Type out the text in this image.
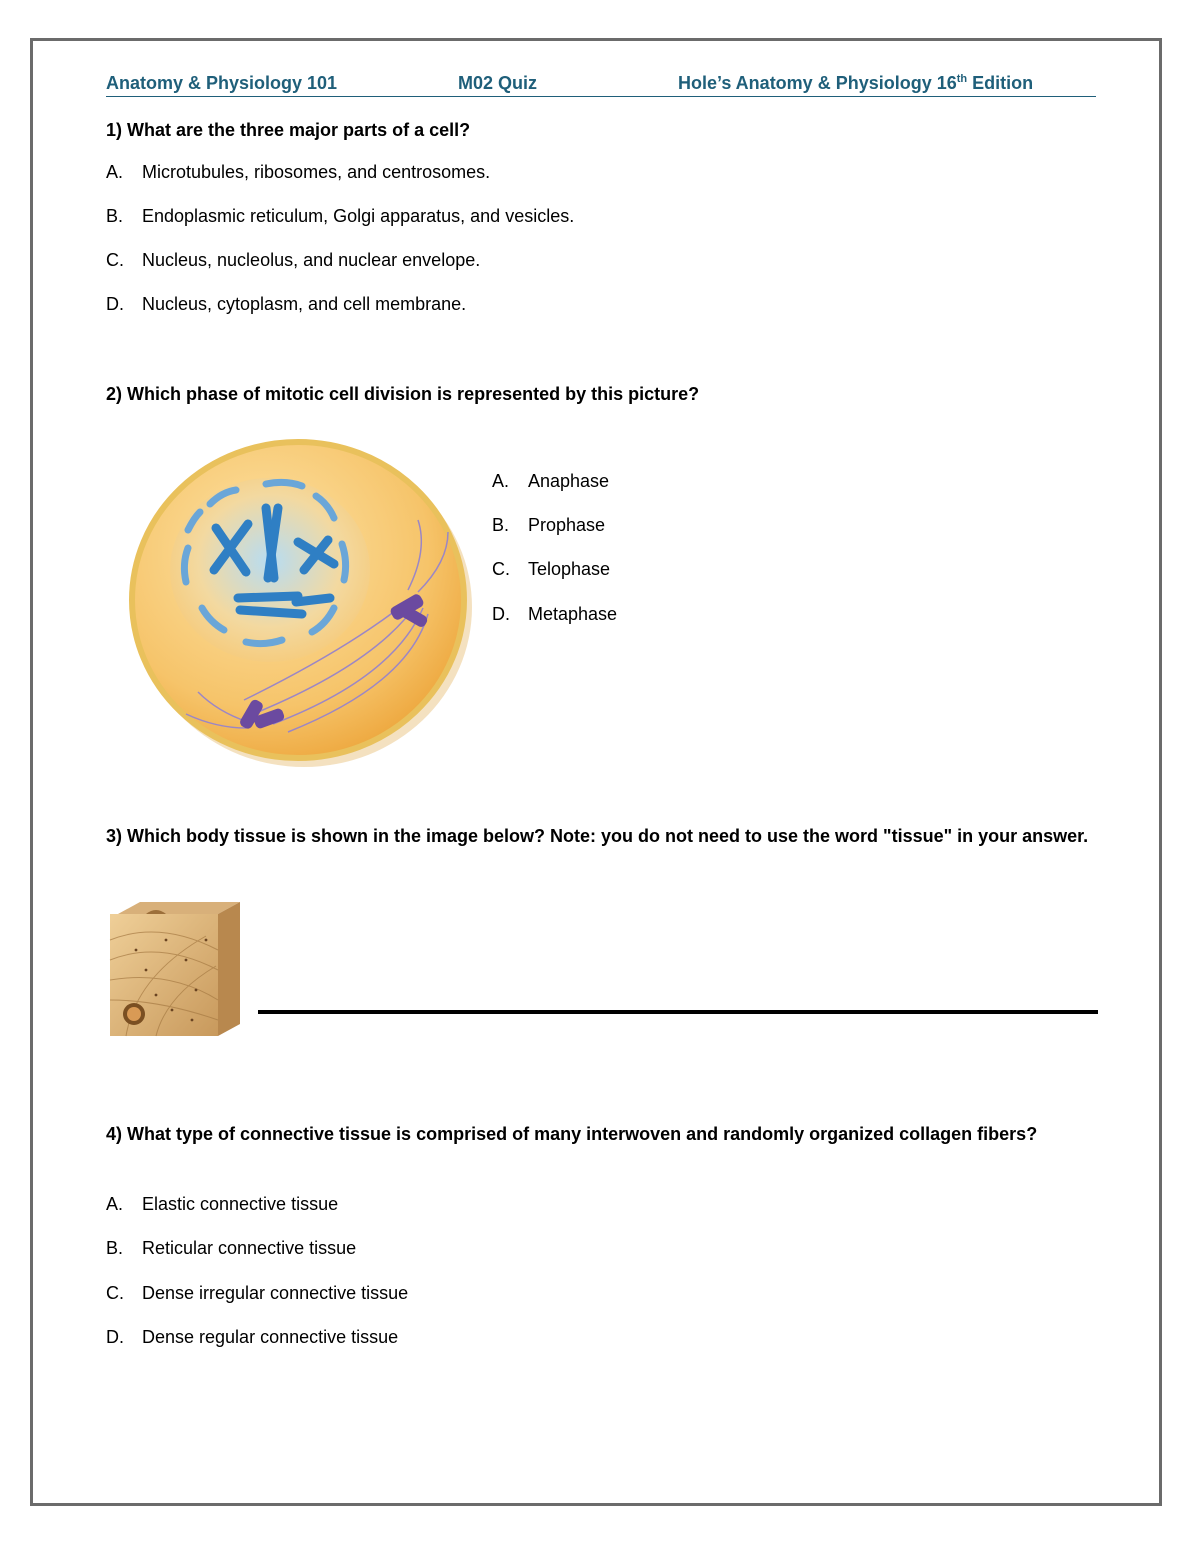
Anatomy & Physiology 101	M02 Quiz	Hole’s Anatomy & Physiology 16th Edition
1) What are the three major parts of a cell?
A. Microtubules, ribosomes, and centrosomes.
B. Endoplasmic reticulum, Golgi apparatus, and vesicles.
C. Nucleus, nucleolus, and nuclear envelope.
D. Nucleus, cytoplasm, and cell membrane.
2) Which phase of mitotic cell division is represented by this picture?
A. Anaphase
B. Prophase
C. Telophase
D. Metaphase
3) Which body tissue is shown in the image below? Note: you do not need to use the word "tissue" in your answer.
4) What type of connective tissue is comprised of many interwoven and randomly organized collagen fibers?
A. Elastic connective tissue
B. Reticular connective tissue
C. Dense irregular connective tissue
D. Dense regular connective tissue
